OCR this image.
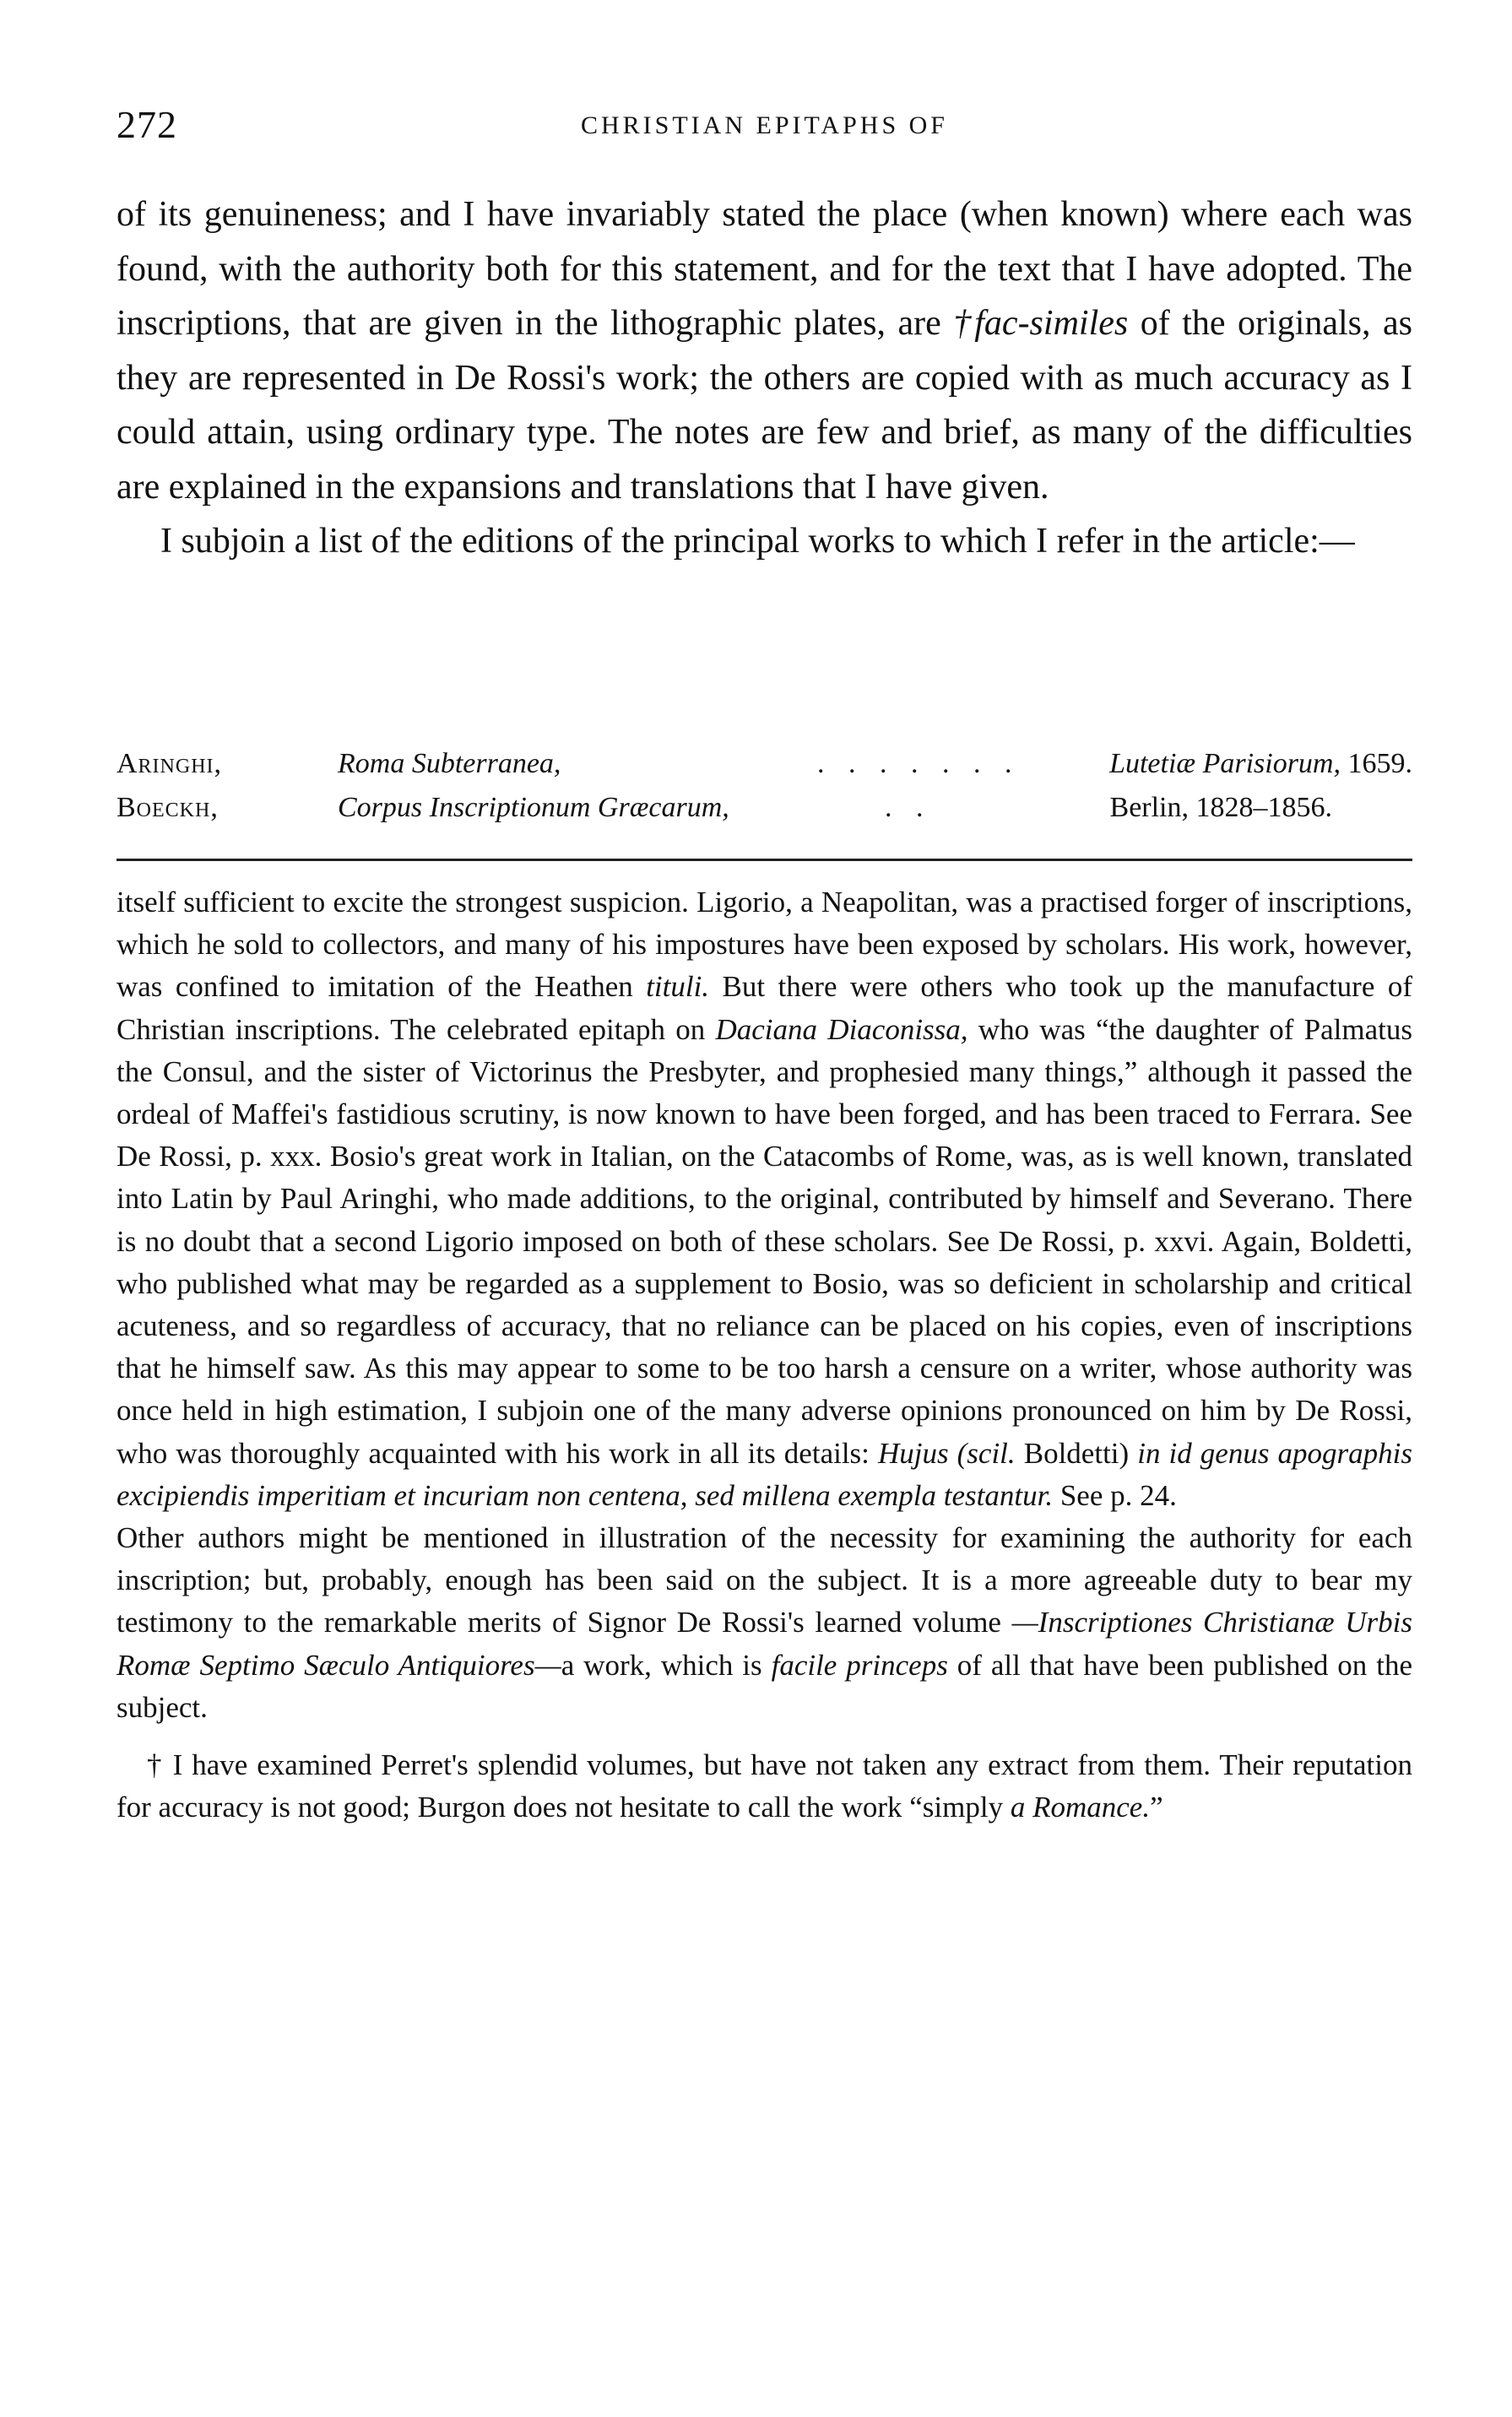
272	CHRISTIAN EPITAPHS OF

of its genuineness; and I have invariably stated the place (when known) where each was found, with the authority both for this statement, and for the text that I have adopted. The inscriptions, that are given in the lithographic plates, are †fac-similes of the originals, as they are represented in De Rossi's work; the others are copied with as much accuracy as I could attain, using ordinary type. The notes are few and brief, as many of the difficulties are explained in the expansions and translations that I have given.

I subjoin a list of the editions of the principal works to which I refer in the article:—

Aringhi,	Roma Subterranea,	. . . . . . .	Lutetiæ Parisiorum, 1659.
Boeckh,	Corpus Inscriptionum Græcarum,	. .	Berlin, 1828–1856.

itself sufficient to excite the strongest suspicion. Ligorio, a Neapolitan, was a practised forger of inscriptions, which he sold to collectors, and many of his impostures have been exposed by scholars. His work, however, was confined to imitation of the Heathen tituli. But there were others who took up the manufacture of Christian inscriptions. The celebrated epitaph on Daciana Diaconissa, who was “the daughter of Palmatus the Consul, and the sister of Victorinus the Presbyter, and prophesied many things,” although it passed the ordeal of Maffei's fastidious scrutiny, is now known to have been forged, and has been traced to Ferrara. See De Rossi, p. xxx. Bosio's great work in Italian, on the Catacombs of Rome, was, as is well known, translated into Latin by Paul Aringhi, who made additions, to the original, contributed by himself and Severano. There is no doubt that a second Ligorio imposed on both of these scholars. See De Rossi, p. xxvi. Again, Boldetti, who published what may be regarded as a supplement to Bosio, was so deficient in scholarship and critical acuteness, and so regardless of accuracy, that no reliance can be placed on his copies, even of inscriptions that he himself saw. As this may appear to some to be too harsh a censure on a writer, whose authority was once held in high estimation, I subjoin one of the many adverse opinions pronounced on him by De Rossi, who was thoroughly acquainted with his work in all its details: Hujus (scil. Boldetti) in id genus apographis excipiendis imperitiam et incuriam non centena, sed millena exempla testantur. See p. 24.

Other authors might be mentioned in illustration of the necessity for examining the authority for each inscription; but, probably, enough has been said on the subject. It is a more agreeable duty to bear my testimony to the remarkable merits of Signor De Rossi's learned volume —Inscriptiones Christianæ Urbis Romæ Septimo Sæculo Antiquiores—a work, which is facile princeps of all that have been published on the subject.

† I have examined Perret's splendid volumes, but have not taken any extract from them. Their reputation for accuracy is not good; Burgon does not hesitate to call the work “simply a Romance.”
